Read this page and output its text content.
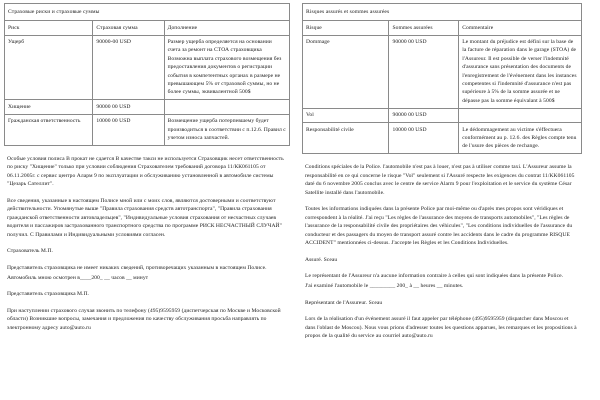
Страховые риски и страховые суммы
Риск	Страховая сумма	Дополнение
Ущерб	90000-00 USD	Размер ущерба определяется на основании счета за ремонт на СТОА страховщика Возможна выплата страхового возмещения без предоставления документов о регистрации события в компетентных органах в размере не превышающем 5% от страховой суммы, но не более суммы, эквивалентной 500$
Хищение	90000 00 USD	
Гражданская ответственность	10000 00 USD	Возмещение ущерба потерпевшему будет производиться в соответствии с п.12.6. Правил с учетом износа запчастей.

Особые условия полиса В прокат не сдается В качестве такси не используется Страховщик несет ответственность по риску "Хищение" только при условии соблюдения Страхователем требований договора 11/КК061105 от 06.11.2005г. с сервис центро Аларм 9 по эксплуатации и обслуживанию установленной в автомобиле системы "Цезарь Сателлит".

Все сведения, указанные в настоящем Полисе мной или с моих слов, являются достоверными и соответствуют действительности. Упомянутые выше "Правила страхования средств автотранспорта", "Правила страхования гражданской ответственности автовладельцев", "Индивидуальные условия страхования от несчастных случаев водителя и пассажиров застрахованного транспортного средства по программе РИСК НЕСЧАСТНЫЙ СЛУЧАЙ" получил. С Правилами и Индивидуальными условиями согласен.

Страхователь М.П.

Представитель страховщика не имеет никаких сведений, противоречащих указанным в настоящем Полисе.

Автомобиль мною осмотрен в____200_ __ часов __ минут

Представитель страховщика М.П.

При наступлении страхового случая звонить по телефону (495)9595959 (диспетчерская по Москве и Московской области) Возникшие вопросы, замечания и предложения по качеству обслуживания просьба направлять по электронному адресу auto@auto.ru

Risques assurés et sommes assurées
Risque	Sommes assurées	Commentaire
Dommage	90000 00 USD	Le montant du préjudice est défini sur la base de la facture de réparation dans le garage (STOA) de l'Assureur. Il est possible de verser l'indemnité d'assurance sans présentation des documents de l'enregistrement de l'événement dans les instances competentes si l'indemnité d'assurance n'est pas supérieure à 5% de la somme assurée et ne dépasse pas la somme équivalant à 500$
Vol	90000 00 USD	
Responsabilité civile	10000 00 USD	Le dédommagement au victime s'éffectuera conformément au p. 12.6. des Règles compte tenu de l'usure des pièces de rechange.

Conditions spéciales de la Police. l'automobile n'est pas à louer, n'est pas à utiliser comme taxi. L'Assureur assume la responsabilité en ce qui concerne le risque "Vol" seulement si l'Assuré respecte les exigences du contrat 11/KK061105 daté du 6 novembre 2005 conclus avec le centre de service Alarm 9 pour l'exploitation et le service du système César Satellite installé dans l'automobile.

Toutes les informations indiquées dans la présente Police par moi-même ou d'après mes propos sont véridiques et correspondent à la réalité. J'ai reçu "Les règles de l'assurance des moyens de transports automobiles", "Les règles de l'assurance de la responsabilité civile des propriétaires des véhicules", "Les conditions individuelles de l'assurance du conducteur et des passagers du moyen de transport assuré contre les accidents dans le cadre du programme RISQUE ACCIDENT" mentionnées ci-dessus. J'accepte les Règles et les Conditions Individuelles.

Assuré. Sceau

Le représentant de l'Assureur n'a aucune information contraire à celles qui sont indiquées dans la présente Police.

J'ai examiné l'automobile le _________ 200_ à __ heures __ minutes.

Représentant de l'Assureur. Sceau

Lors de la réalisation d'un événement assuré il faut appeler par téléphone (495)9595959 (dispatcher dans Moscou et dans l'oblast de Moscou). Nous vous prions d'adresser toutes les questions apparues, les remarques et les propositions à propos de la qualité du service au courriel auto@auto.ru
